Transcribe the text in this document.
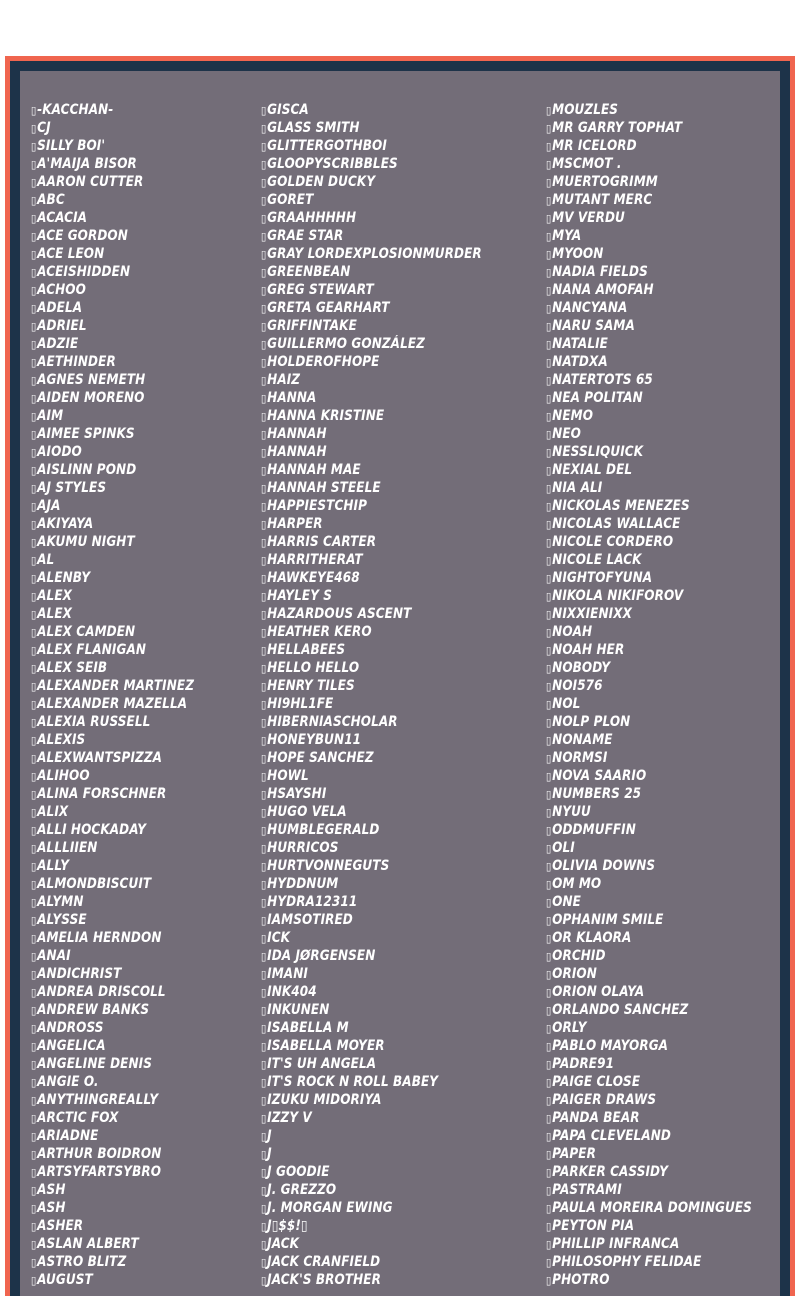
▯ -KACCHAN-
▯ CJ
▯ SILLY BOI'
▯ A'MAIJA BISOR
▯ AARON CUTTER
▯ ABC
▯ ACACIA
▯ ACE GORDON
▯ ACE LEON
▯ ACEISHIDDEN
▯ ACHOO
▯ ADELA
▯ ADRIEL
▯ ADZIE
▯ AETHINDER
▯ AGNES NEMETH
▯ AIDEN MORENO
▯ AIM
▯ AIMEE SPINKS
▯ AIODO
▯ AISLINN POND
▯ AJ STYLES
▯ AJA
▯ AKIYAYA
▯ AKUMU NIGHT
▯ AL
▯ ALENBY
▯ ALEX
▯ ALEX
▯ ALEX CAMDEN
▯ ALEX FLANIGAN
▯ ALEX SEIB
▯ ALEXANDER MARTINEZ
▯ ALEXANDER MAZELLA
▯ ALEXIA RUSSELL
▯ ALEXIS
▯ ALEXWANTSPIZZA
▯ ALIHOO
▯ ALINA FORSCHNER
▯ ALIX
▯ ALLI HOCKADAY
▯ ALLLIIEN
▯ ALLY
▯ ALMONDBISCUIT
▯ ALYMN
▯ ALYSSE
▯ AMELIA HERNDON
▯ ANAI
▯ ANDICHRIST
▯ ANDREA DRISCOLL
▯ ANDREW BANKS
▯ ANDROSS
▯ ANGELICA
▯ ANGELINE DENIS
▯ ANGIE O.
▯ ANYTHINGREALLY
▯ ARCTIC FOX
▯ ARIADNE
▯ ARTHUR BOIDRON
▯ ARTSYFARTSYBRO
▯ ASH
▯ ASH
▯ ASHER
▯ ASLAN ALBERT
▯ ASTRO BLITZ
▯ AUGUST
▯ GISCA
▯ GLASS SMITH
▯ GLITTERGOTHBOI
▯ GLOOPYSCRIBBLES
▯ GOLDEN DUCKY
▯ GORET
▯ GRAAHHHHH
▯ GRAE STAR
▯ GRAY LORDEXPLOSIONMURDER
▯ GREENBEAN
▯ GREG STEWART
▯ GRETA GEARHART
▯ GRIFFINTAKE
▯ GUILLERMO GONZÁLEZ
▯ HOLDEROFHOPE
▯ HAIZ
▯ HANNA
▯ HANNA KRISTINE
▯ HANNAH
▯ HANNAH
▯ HANNAH MAE
▯ HANNAH STEELE
▯ HAPPIESTCHIP
▯ HARPER
▯ HARRIS CARTER
▯ HARRITHERAT
▯ HAWKEYE468
▯ HAYLEY S
▯ HAZARDOUS ASCENT
▯ HEATHER KERO
▯ HELLABEES
▯ HELLO HELLO
▯ HENRY TILES
▯ HI9HL1FE
▯ HIBERNIASCHOLAR
▯ HONEYBUN11
▯ HOPE SANCHEZ
▯ HOWL
▯ HSAYSHI
▯ HUGO VELA
▯ HUMBLEGERALD
▯ HURRICOS
▯ HURTVONNEGUTS
▯ HYDDNUM
▯ HYDRA12311
▯ IAMSOTIRED
▯ ICK
▯ IDA JØRGENSEN
▯ IMANI
▯ INK404
▯ INKUNEN
▯ ISABELLA M
▯ ISABELLA MOYER
▯ IT'S UH ANGELA
▯ IT'S ROCK N ROLL BABEY
▯ IZUKU MIDORIYA
▯ IZZY V
▯ J
▯ J
▯ J GOODIE
▯ J. GREZZO
▯ J. MORGAN EWING
▯ J▯$$!▯
▯ JACK
▯ JACK CRANFIELD
▯ JACK'S BROTHER
▯ MOUZLES
▯ MR GARRY TOPHAT
▯ MR ICELORD
▯ MSCMOT .
▯ MUERTOGRIMM
▯ MUTANT MERC
▯ MV VERDU
▯ MYA
▯ MYOON
▯ NADIA FIELDS
▯ NANA AMOFAH
▯ NANCYANA
▯ NARU SAMA
▯ NATALIE
▯ NATDXA
▯ NATERTOTS 65
▯ NEA POLITAN
▯ NEMO
▯ NEO
▯ NESSLIQUICK
▯ NEXIAL DEL
▯ NIA ALI
▯ NICKOLAS MENEZES
▯ NICOLAS WALLACE
▯ NICOLE CORDERO
▯ NICOLE LACK
▯ NIGHTOFYUNA
▯ NIKOLA NIKIFOROV
▯ NIXXIENIXX
▯ NOAH
▯ NOAH HER
▯ NOBODY
▯ NOI576
▯ NOL
▯ NOLP PLON
▯ NONAME
▯ NORMSI
▯ NOVA SAARIO
▯ NUMBERS 25
▯ NYUU
▯ ODDMUFFIN
▯ OLI
▯ OLIVIA DOWNS
▯ OM MO
▯ ONE
▯ OPHANIM SMILE
▯ OR KLAORA
▯ ORCHID
▯ ORION
▯ ORION OLAYA
▯ ORLANDO SANCHEZ
▯ ORLY
▯ PABLO MAYORGA
▯ PADRE91
▯ PAIGE CLOSE
▯ PAIGER DRAWS
▯ PANDA BEAR
▯ PAPA CLEVELAND
▯ PAPER
▯ PARKER CASSIDY
▯ PASTRAMI
▯ PAULA MOREIRA DOMINGUES
▯ PEYTON PIA
▯ PHILLIP INFRANCA
▯ PHILOSOPHY FELIDAE
▯ PHOTRO
